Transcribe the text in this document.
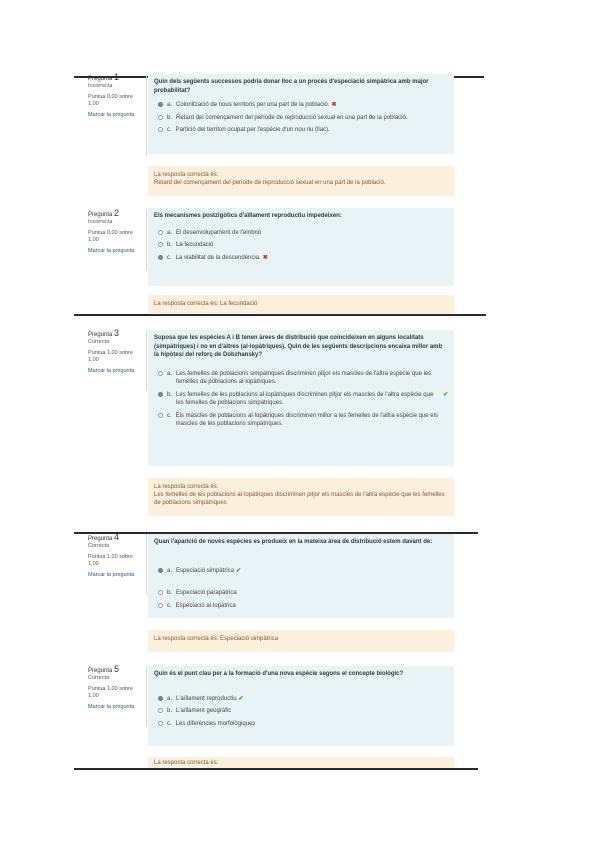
Pregunta 1
Incorrecta
Puntua 0,00 sobre 1,00
Marcar la pregunta
Quin dels següents successos podria donar lloc a un procés d'especiació simpàtrica amb major probabilitat?
a. Colonització de nous territoris per una part de la població. ✖
b. Retard del començament del període de reproducció sexual en una part de la població.
c. Partició del territori ocupat per l'espècie d'un nou riu (llac).
La resposta correcta és:
Retard del començament del període de reproducció sexual en una part de la població.
Pregunta 2
Incorrecta
Puntua 0,00 sobre 1,00
Marcar la pregunta
Els mecanismes postzigòtics d'aïllament reproductiu impedeixen:
a. El desenvolupament de l'embrió
b. La fecundació
c. La viabilitat de la descendència. ✖
La resposta correcta és: La fecundació
Pregunta 3
Correcta
Puntua 1,00 sobre 1,00
Marcar la pregunta
Suposa que les espècies A i B tenen àrees de distribució que coincideixen en alguns localitats (simpàtriques) i no en d'altres (al·lopàtriques). Quin de les següents descripcions encaixa millor amb la hipòtesi del reforç de Dobzhansky?
a. Les femelles de poblacions simpàtriques discriminen pitjor els mascles de l'altra espècie que les femelles de poblacions al·lopàtriques.
b. Les femelles de les poblacions al·lopàtriques discriminen pitjor els mascles de l'altra espècie que les femelles de poblacions simpàtriques.
✔
c. Els mascles de poblacions al·lopàtriques discriminen millor a les femelles de l'altra espècie que els mascles de les poblacions simpàtriques.
La resposta correcta és:
Les femelles de les poblacions al·lopàtriques discriminen pitjor els mascles de l'altra espècie que les femelles de poblacions simpàtriques
Pregunta 4
Correcta
Puntua 1,00 sobre 1,00
Marcar la pregunta
Quan l'aparició de noves espècies es produeix en la mateixa àrea de distribució estem davant de:
a. Especiació simpàtrica ✔
b. Especiació parapàtrica
c. Especiació al·lopàtrica
La resposta correcta és: Especiació simpàtrica
Pregunta 5
Correcta
Puntua 1,00 sobre 1,00
Marcar la pregunta
Quin és el punt clau per a la formació d'una nova espècie segons el concepte biològic?
a. L'aïllament reproductiu ✔
b. L'aïllament geogràfic
c. Les diferències morfològiques
La resposta correcta és:
